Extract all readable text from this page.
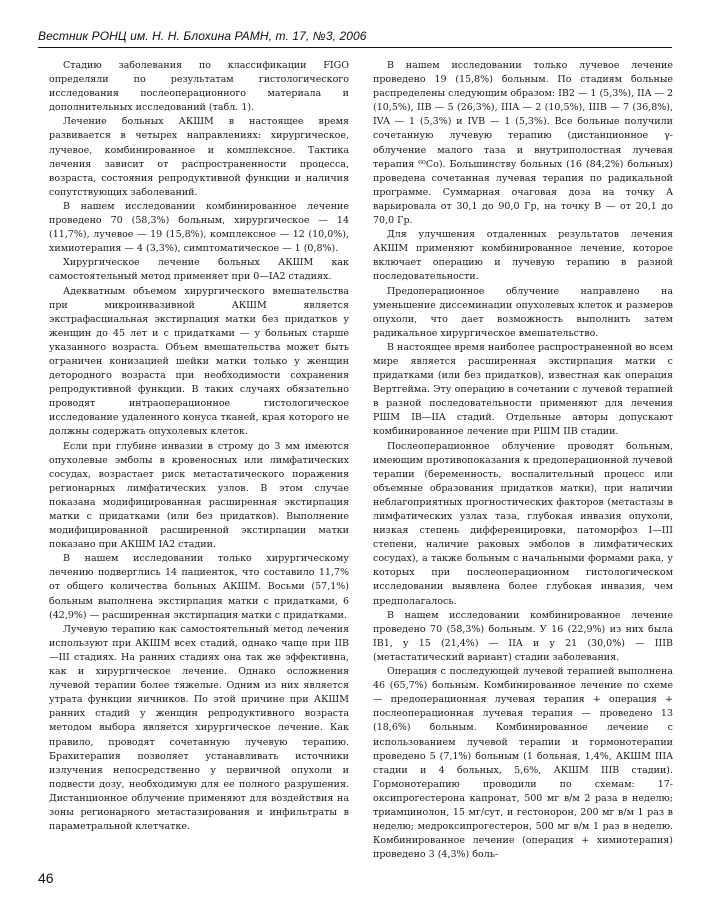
Вестник РОНЦ им. Н. Н. Блохина РАМН, т. 17, №3, 2006

Стадию заболевания по классификации FIGO определяли по результатам гистологического исследования послеоперационного материала и дополнительных исследований (табл. 1).

Лечение больных АКШМ в настоящее время развивается в четырех направлениях: хирургическое, лучевое, комбинированное и комплексное. Тактика лечения зависит от распространенности процесса, возраста, состояния репродуктивной функции и наличия сопутствующих заболеваний.

В нашем исследовании комбинированное лечение проведено 70 (58,3%) больным, хирургическое — 14 (11,7%), лучевое — 19 (15,8%), комплексное — 12 (10,0%), химиотерапия — 4 (3,3%), симптоматическое — 1 (0,8%).

Хирургическое лечение больных АКШМ как самостоятельный метод применяет при 0—IA2 стадиях.

Адекватным объемом хирургического вмешательства при микроинвазивной АКШМ является экстрафасциальная экстирпация матки без придатков у женщин до 45 лет и с придатками — у больных старше указанного возраста. Объем вмешательства может быть ограничен конизацией шейки матки только у женщин детородного возраста при необходимости сохранения репродуктивной функции. В таких случаях обязательно проводят интраоперационное гистологическое исследование удаленного конуса тканей, края которого не должны содержать опухолевых клеток.

Если при глубине инвазии в строму до 3 мм имеются опухолевые эмболы в кровеносных или лимфатических сосудах, возрастает риск метастатического поражения регионарных лимфатических узлов. В этом случае показана модифицированная расширенная экстирпация матки с придатками (или без придатков). Выполнение модифицированной расширенной экстирпации матки показано при АКШМ IA2 стадии.

В нашем исследовании только хирургическому лечению подверглись 14 пациенток, что составило 11,7% от общего количества больных АКШМ. Восьми (57,1%) больным выполнена экстирпация матки с придатками, 6 (42,9%) — расширенная экстирпация матки с придатками.

Лучевую терапию как самостоятельный метод лечения используют при АКШМ всех стадий, однако чаще при IIB—III стадиях. На ранних стадиях она так же эффективна, как и хирургическое лечение. Однако осложнения лучевой терапии более тяжелые. Одним из них является утрата функции яичников. По этой причине при АКШМ ранних стадий у женщин репродуктивного возраста методом выбора является хирургическое лечение. Как правило, проводят сочетанную лучевую терапию. Брахитерапия позволяет устанавливать источники излучения непосредственно у первичной опухоли и подвести дозу, необходимую для ее полного разрушения. Дистанционное облучение применяют для воздействия на зоны регионарного метастазирования и инфильтраты в параметральной клетчатке.

В нашем исследовании только лучевое лечение проведено 19 (15,8%) больным. По стадиям больные распределены следующим образом: IB2 — 1 (5,3%), IIA — 2 (10,5%), IIB — 5 (26,3%), IIIA — 2 (10,5%), IIIB — 7 (36,8%), IVA — 1 (5,3%) и IVB — 1 (5,3%). Все больные получили сочетанную лучевую терапию (дистанционное γ-облучение малого таза и внутриполостная лучевая терапия ⁶⁰Co). Большинству больных (16 (84,2%) больных) проведена сочетанная лучевая терапия по радикальной программе. Суммарная очаговая доза на точку A варьировала от 30,1 до 90,0 Гр, на точку B — от 20,1 до 70,0 Гр.

Для улучшения отдаленных результатов лечения АКШМ применяют комбинированное лечение, которое включает операцию и лучевую терапию в разной последовательности.

Предоперационное облучение направлено на уменьшение диссеминации опухолевых клеток и размеров опухоли, что дает возможность выполнить затем радикальное хирургическое вмешательство.

В настоящее время наиболее распространенной во всем мире является расширенная экстирпация матки с придатками (или без придатков), известная как операция Вертгейма. Эту операцию в сочетании с лучевой терапией в разной последовательности применяют для лечения РШМ IB—IIA стадий. Отдельные авторы допускают комбинированное лечение при РШМ IIB стадии.

Послеоперационное облучение проводят больным, имеющим противопоказания к предоперационной лучевой терапии (беременность, воспалительный процесс или объемные образования придатков матки), при наличии неблагоприятных прогностических факторов (метастазы в лимфатических узлах таза, глубокая инвазия опухоли, низкая степень дифференцировки, патоморфоз I—III степени, наличие раковых эмболов в лимфатических сосудах), а также больным с начальными формами рака, у которых при послеоперационном гистологическом исследовании выявлена более глубокая инвазия, чем предполагалось.

В нашем исследовании комбинированное лечение проведено 70 (58,3%) больным. У 16 (22,9%) из них была IB1, у 15 (21,4%) — IIA и у 21 (30,0%) — IIIB (метастатический вариант) стадии заболевания.

Операция с последующей лучевой терапией выполнена 46 (65,7%) больным. Комбинированное лечение по схеме — предоперационная лучевая терапия + операция + послеоперационная лучевая терапия — проведено 13 (18,6%) больным. Комбинированное лечение с использованием лучевой терапии и гормонотерапии проведено 5 (7,1%) больным (1 больная, 1,4%, АКШМ IIIA стадии и 4 больных, 5,6%, АКШМ IIIB стадии). Гормонотерапию проводили по схемам: 17-оксипрогестерона капронат, 500 мг в/м 2 раза в неделю; триамцинолон, 15 мг/сут, и гестонорон, 200 мг в/м 1 раз в неделю; медроксипрогестерон, 500 мг в/м 1 раз в неделю. Комбинированное лечение (операция + химиотерапия) проведено 3 (4,3%) боль-

46
